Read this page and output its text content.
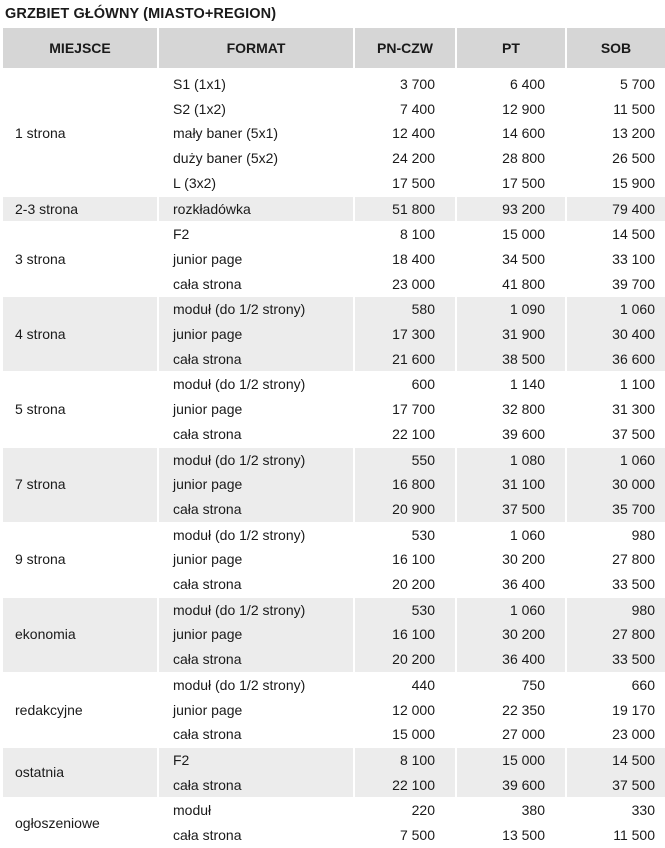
GRZBIET GŁÓWNY (MIASTO+REGION)
MIEJSCE	FORMAT	PN-CZW	PT	SOB

1 strona	S1 (1x1)	3 700	6 400	5 700
	S2 (1x2)	7 400	12 900	11 500
	mały baner (5x1)	12 400	14 600	13 200
	duży baner (5x2)	24 200	28 800	26 500
	L (3x2)	17 500	17 500	15 900
2-3 strona	rozkładówka	51 800	93 200	79 400
3 strona	F2	8 100	15 000	14 500
	junior page	18 400	34 500	33 100
	cała strona	23 000	41 800	39 700
4 strona	moduł (do 1/2 strony)	580	1 090	1 060
	junior page	17 300	31 900	30 400
	cała strona	21 600	38 500	36 600
5 strona	moduł (do 1/2 strony)	600	1 140	1 100
	junior page	17 700	32 800	31 300
	cała strona	22 100	39 600	37 500
7 strona	moduł (do 1/2 strony)	550	1 080	1 060
	junior page	16 800	31 100	30 000
	cała strona	20 900	37 500	35 700
9 strona	moduł (do 1/2 strony)	530	1 060	980
	junior page	16 100	30 200	27 800
	cała strona	20 200	36 400	33 500
ekonomia	moduł (do 1/2 strony)	530	1 060	980
	junior page	16 100	30 200	27 800
	cała strona	20 200	36 400	33 500
redakcyjne	moduł (do 1/2 strony)	440	750	660
	junior page	12 000	22 350	19 170
	cała strona	15 000	27 000	23 000
ostatnia	F2	8 100	15 000	14 500
	cała strona	22 100	39 600	37 500
ogłoszeniowe	moduł	220	380	330
	cała strona	7 500	13 500	11 500
